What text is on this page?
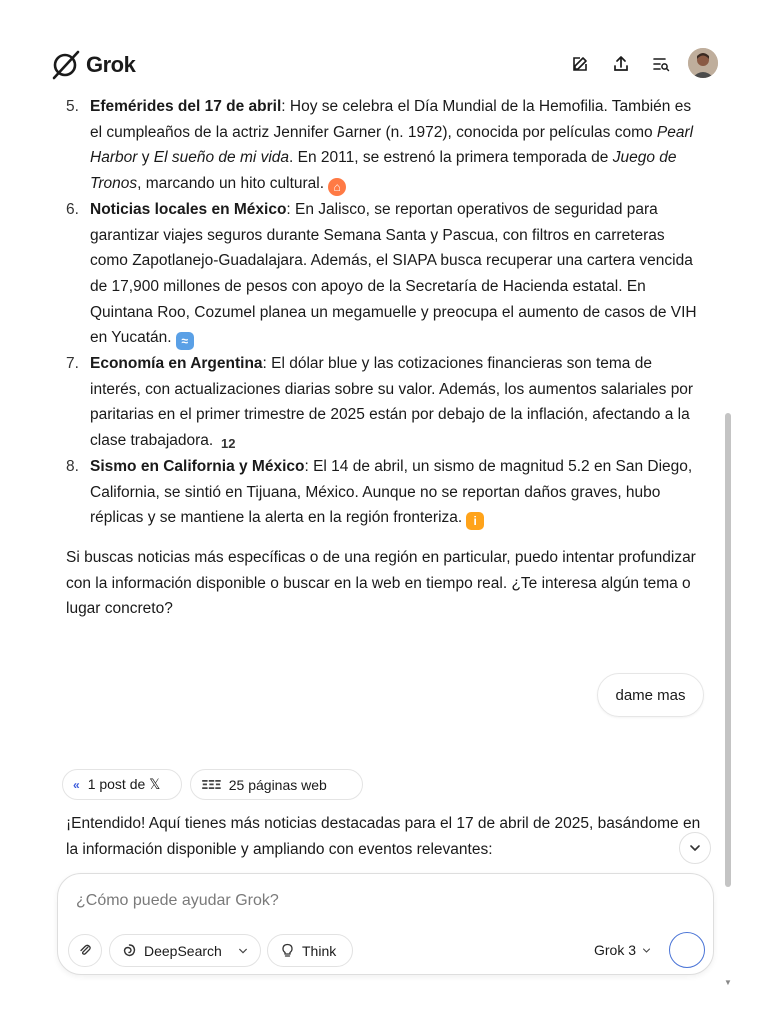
Grok
5. Efemérides del 17 de abril: Hoy se celebra el Día Mundial de la Hemofilia. También es el cumpleaños de la actriz Jennifer Garner (n. 1972), conocida por películas como Pearl Harbor y El sueño de mi vida. En 2011, se estrenó la primera temporada de Juego de Tronos, marcando un hito cultural. ⌂
6. Noticias locales en México: En Jalisco, se reportan operativos de seguridad para garantizar viajes seguros durante Semana Santa y Pascua, con filtros en carreteras como Zapotlanejo-Guadalajara. Además, el SIAPA busca recuperar una cartera vencida de 17,900 millones de pesos con apoyo de la Secretaría de Hacienda estatal. En Quintana Roo, Cozumel planea un megamuelle y preocupa el aumento de casos de VIH en Yucatán. ≈
7. Economía en Argentina: El dólar blue y las cotizaciones financieras son tema de interés, con actualizaciones diarias sobre su valor. Además, los aumentos salariales por paritarias en el primer trimestre de 2025 están por debajo de la inflación, afectando a la clase trabajadora. 12
8. Sismo en California y México: El 14 de abril, un sismo de magnitud 5.2 en San Diego, California, se sintió en Tijuana, México. Aunque no se reportan daños graves, hubo réplicas y se mantiene la alerta en la región fronteriza. i

Si buscas noticias más específicas o de una región en particular, puedo intentar profundizar con la información disponible o buscar en la web en tiempo real. ¿Te interesa algún tema o lugar concreto?

dame mas
« 1 post de 𝕏	ΞΞΞ 25 páginas web
¡Entendido! Aquí tienes más noticias destacadas para el 17 de abril de 2025, basándome en la información disponible y ampliando con eventos relevantes:
▼
¿Cómo puede ayudar Grok?
DeepSearch	Think	Grok 3
